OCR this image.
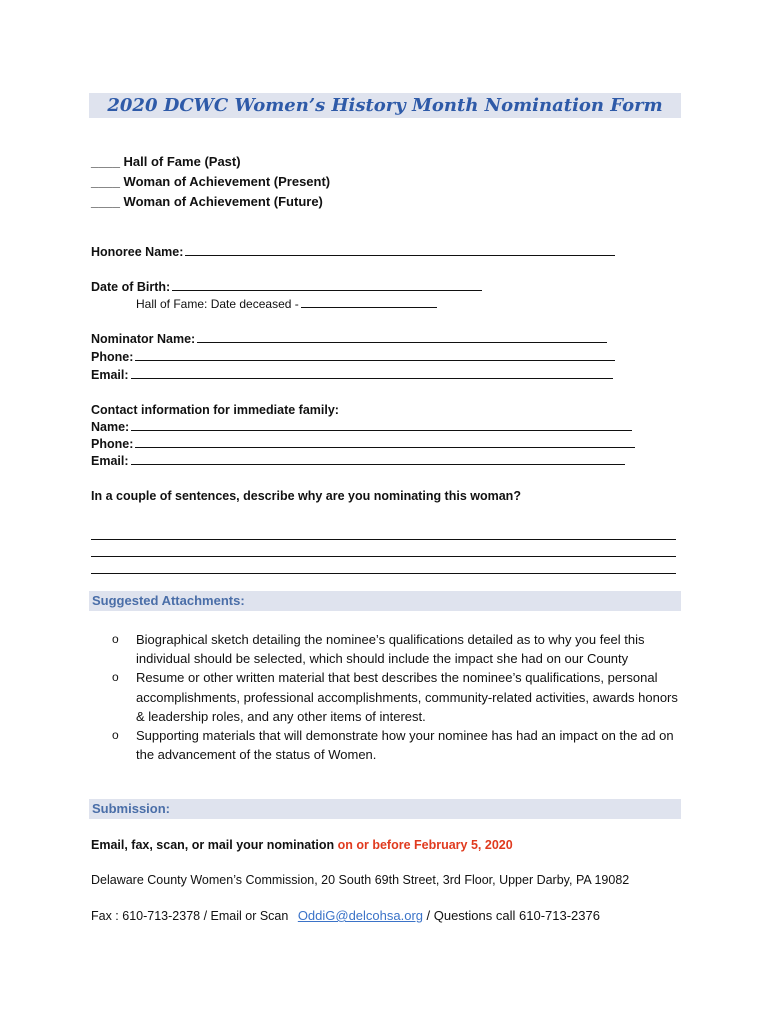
2020 DCWC Women’s History Month Nomination Form
____ Hall of Fame (Past)
____ Woman of Achievement (Present)
____ Woman of Achievement (Future)
Honoree Name:
Date of Birth:
Hall of Fame: Date deceased -
Nominator Name:
Phone:
Email:
Contact information for immediate family:
Name:
Phone:
Email:
In a couple of sentences, describe why are you nominating this woman?
Suggested Attachments:
o Biographical sketch detailing the nominee’s qualifications detailed as to why you feel this individual should be selected, which should include the impact she had on our County
o Resume or other written material that best describes the nominee’s qualifications, personal accomplishments, professional accomplishments, community-related activities, awards honors & leadership roles, and any other items of interest.
o Supporting materials that will demonstrate how your nominee has had an impact on the ad on the advancement of the status of Women.
Submission:
Email, fax, scan, or mail your nomination on or before February 5, 2020
Delaware County Women’s Commission, 20 South 69th Street, 3rd Floor, Upper Darby, PA 19082
Fax : 610-713-2378 / Email or Scan OddiG@delcohsa.org / Questions call 610-713-2376
